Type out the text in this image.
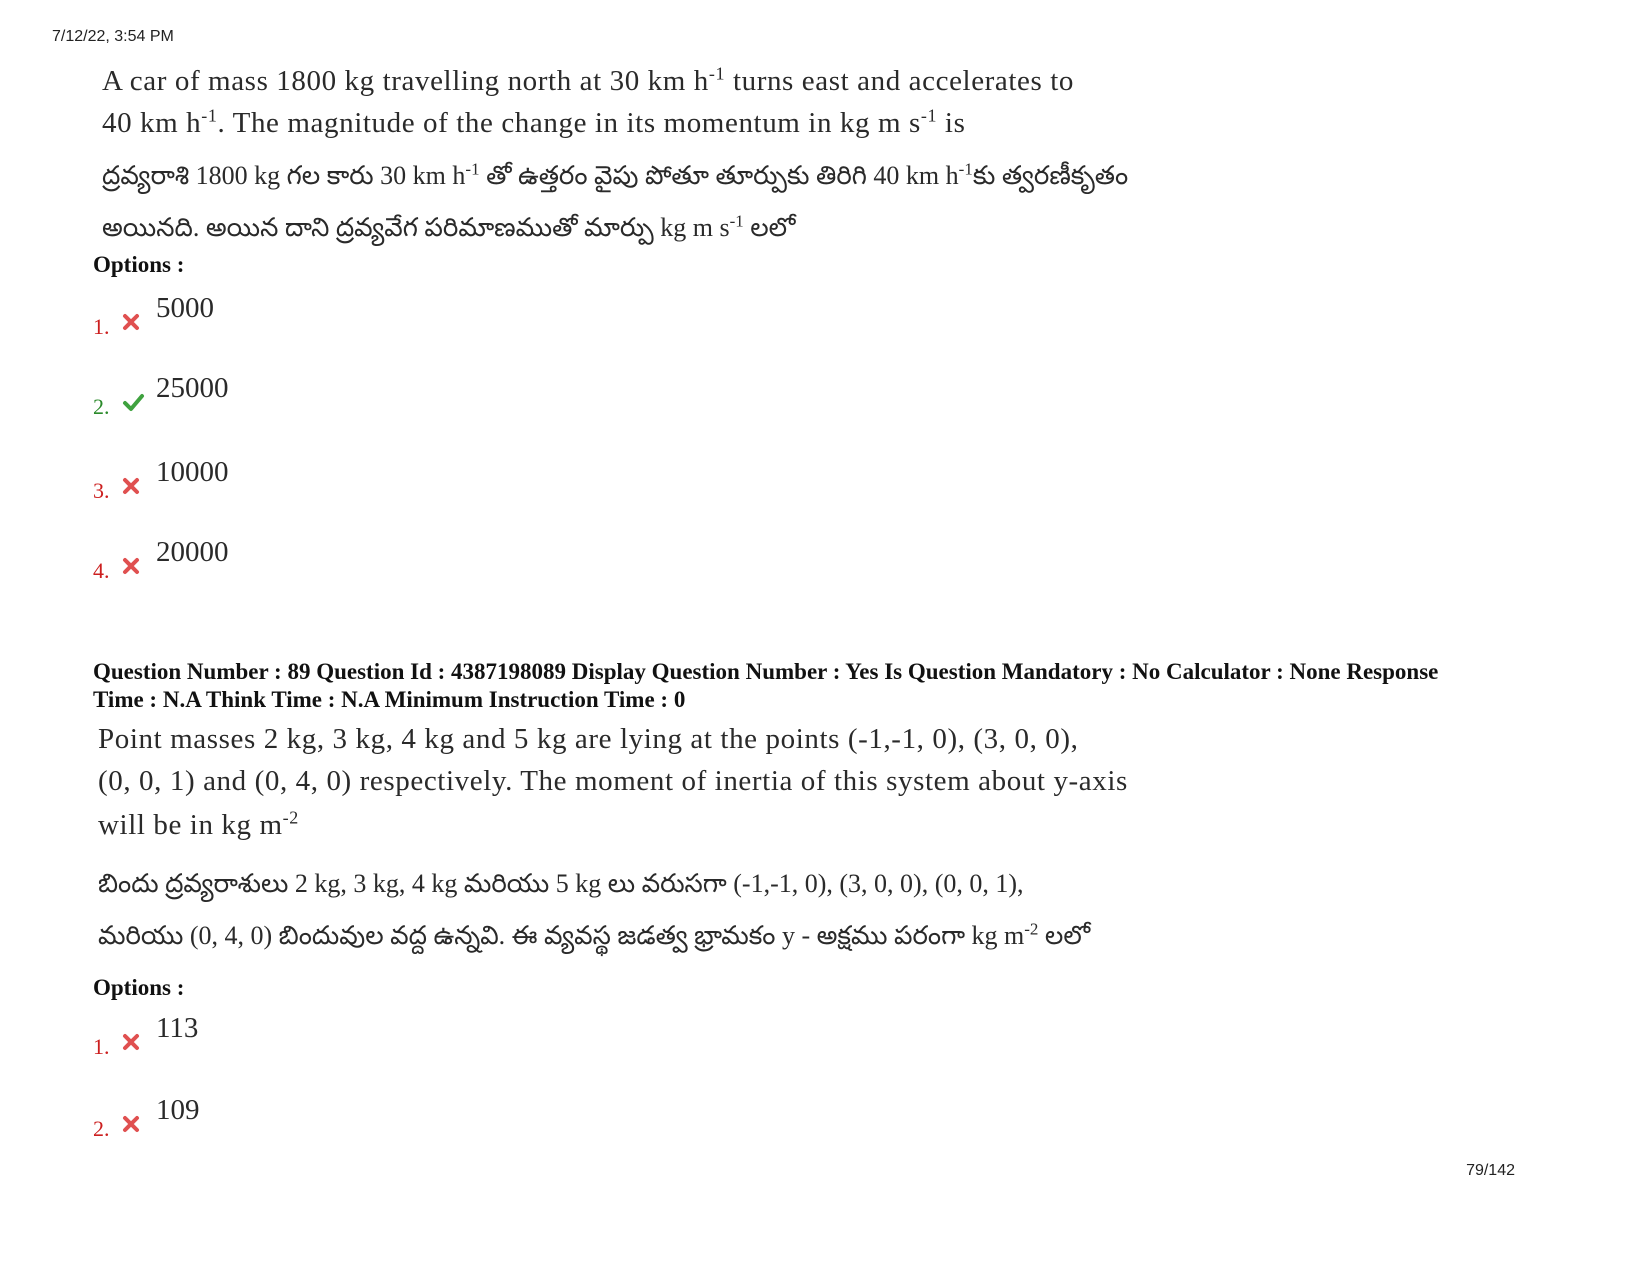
7/12/22, 3:54 PM
A car of mass 1800 kg travelling north at 30 km $h^{-1}$ turns east and accelerates to
40 km $h^{-1}$. The magnitude of the change in its momentum in kg m $s^{-1}$ is
ద్రవ్యరాశి 1800 kg గల కారు 30 km $h^{-1}$ తో ఉత్తరం వైపు పోతూ తూర్పుకు తిరిగి 40 km $h^{-1}కు$ త్వరణీకృతం
అయినది. అయిన దాని ద్రవ్యవేగ పరిమాణముతో మార్పు kg m $s^{-1}$ లలో
Options :
1.
5000
2.
25000
3.
10000
4.
20000
Question Number : 89 Question Id : 4387198089 Display Question Number : Yes Is Question Mandatory : No Calculator : None Response
Time : N.A Think Time : N.A Minimum Instruction Time : 0
Point masses 2 kg, 3 kg, 4 kg and 5 kg are lying at the points (-1,-1, 0), (3, 0, 0),
(0, 0, 1) and (0, 4, 0) respectively. The moment of inertia of this system about y-axis
will be in kg $m^{-2}$
బిందు ద్రవ్యరాశులు 2 kg, 3 kg, 4 kg మరియు 5 kg లు వరుసగా (-1,-1, 0), (3, 0, 0), (0, 0, 1),
మరియు (0, 4, 0) బిందువుల వద్ద ఉన్నవి. ఈ వ్యవస్థ జడత్వ భ్రామకం y - అక్షము పరంగా kg $m^{-2}$ లలో
Options :
1.
113
2.
109
79/142
